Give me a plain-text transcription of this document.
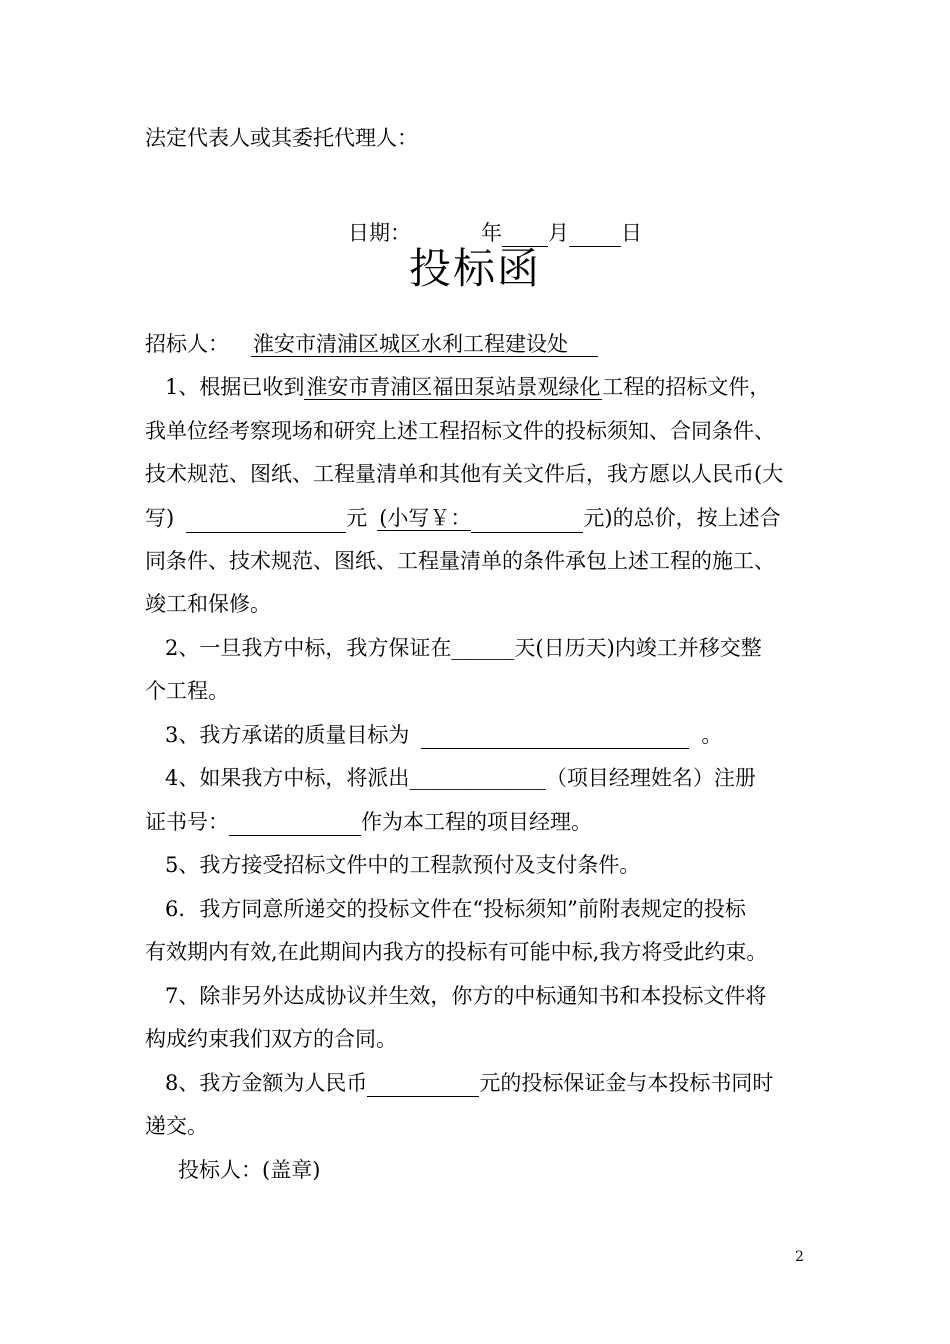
法定代表人或其委托代理人：
日期：	年 月 日
投标函
招标人： 淮安市清浦区城区水利工程建设处
1、根据已收到淮安市青浦区福田泵站景观绿化工程的招标文件，
我单位经考察现场和研究上述工程招标文件的投标须知、合同条件、
技术规范、图纸、工程量清单和其他有关文件后，我方愿以人民币(大
写)	元 (小写￥：	元)的总价，按上述合
同条件、技术规范、图纸、工程量清单的条件承包上述工程的施工、
竣工和保修。
2、一旦我方中标，我方保证在______天(日历天)内竣工并移交整
个工程。
3、我方承诺的质量目标为	。
4、如果我方中标，将派出_____________（项目经理姓名）注册
证书号：	作为本工程的项目经理。
5、我方接受招标文件中的工程款预付及支付条件。
6．我方同意所递交的投标文件在“投标须知”前附表规定的投标
有效期内有效,在此期间内我方的投标有可能中标,我方将受此约束。
7、除非另外达成协议并生效，你方的中标通知书和本投标文件将
构成约束我们双方的合同。
8、我方金额为人民币	元的投标保证金与本投标书同时
递交。
投标人：(盖章)
2
